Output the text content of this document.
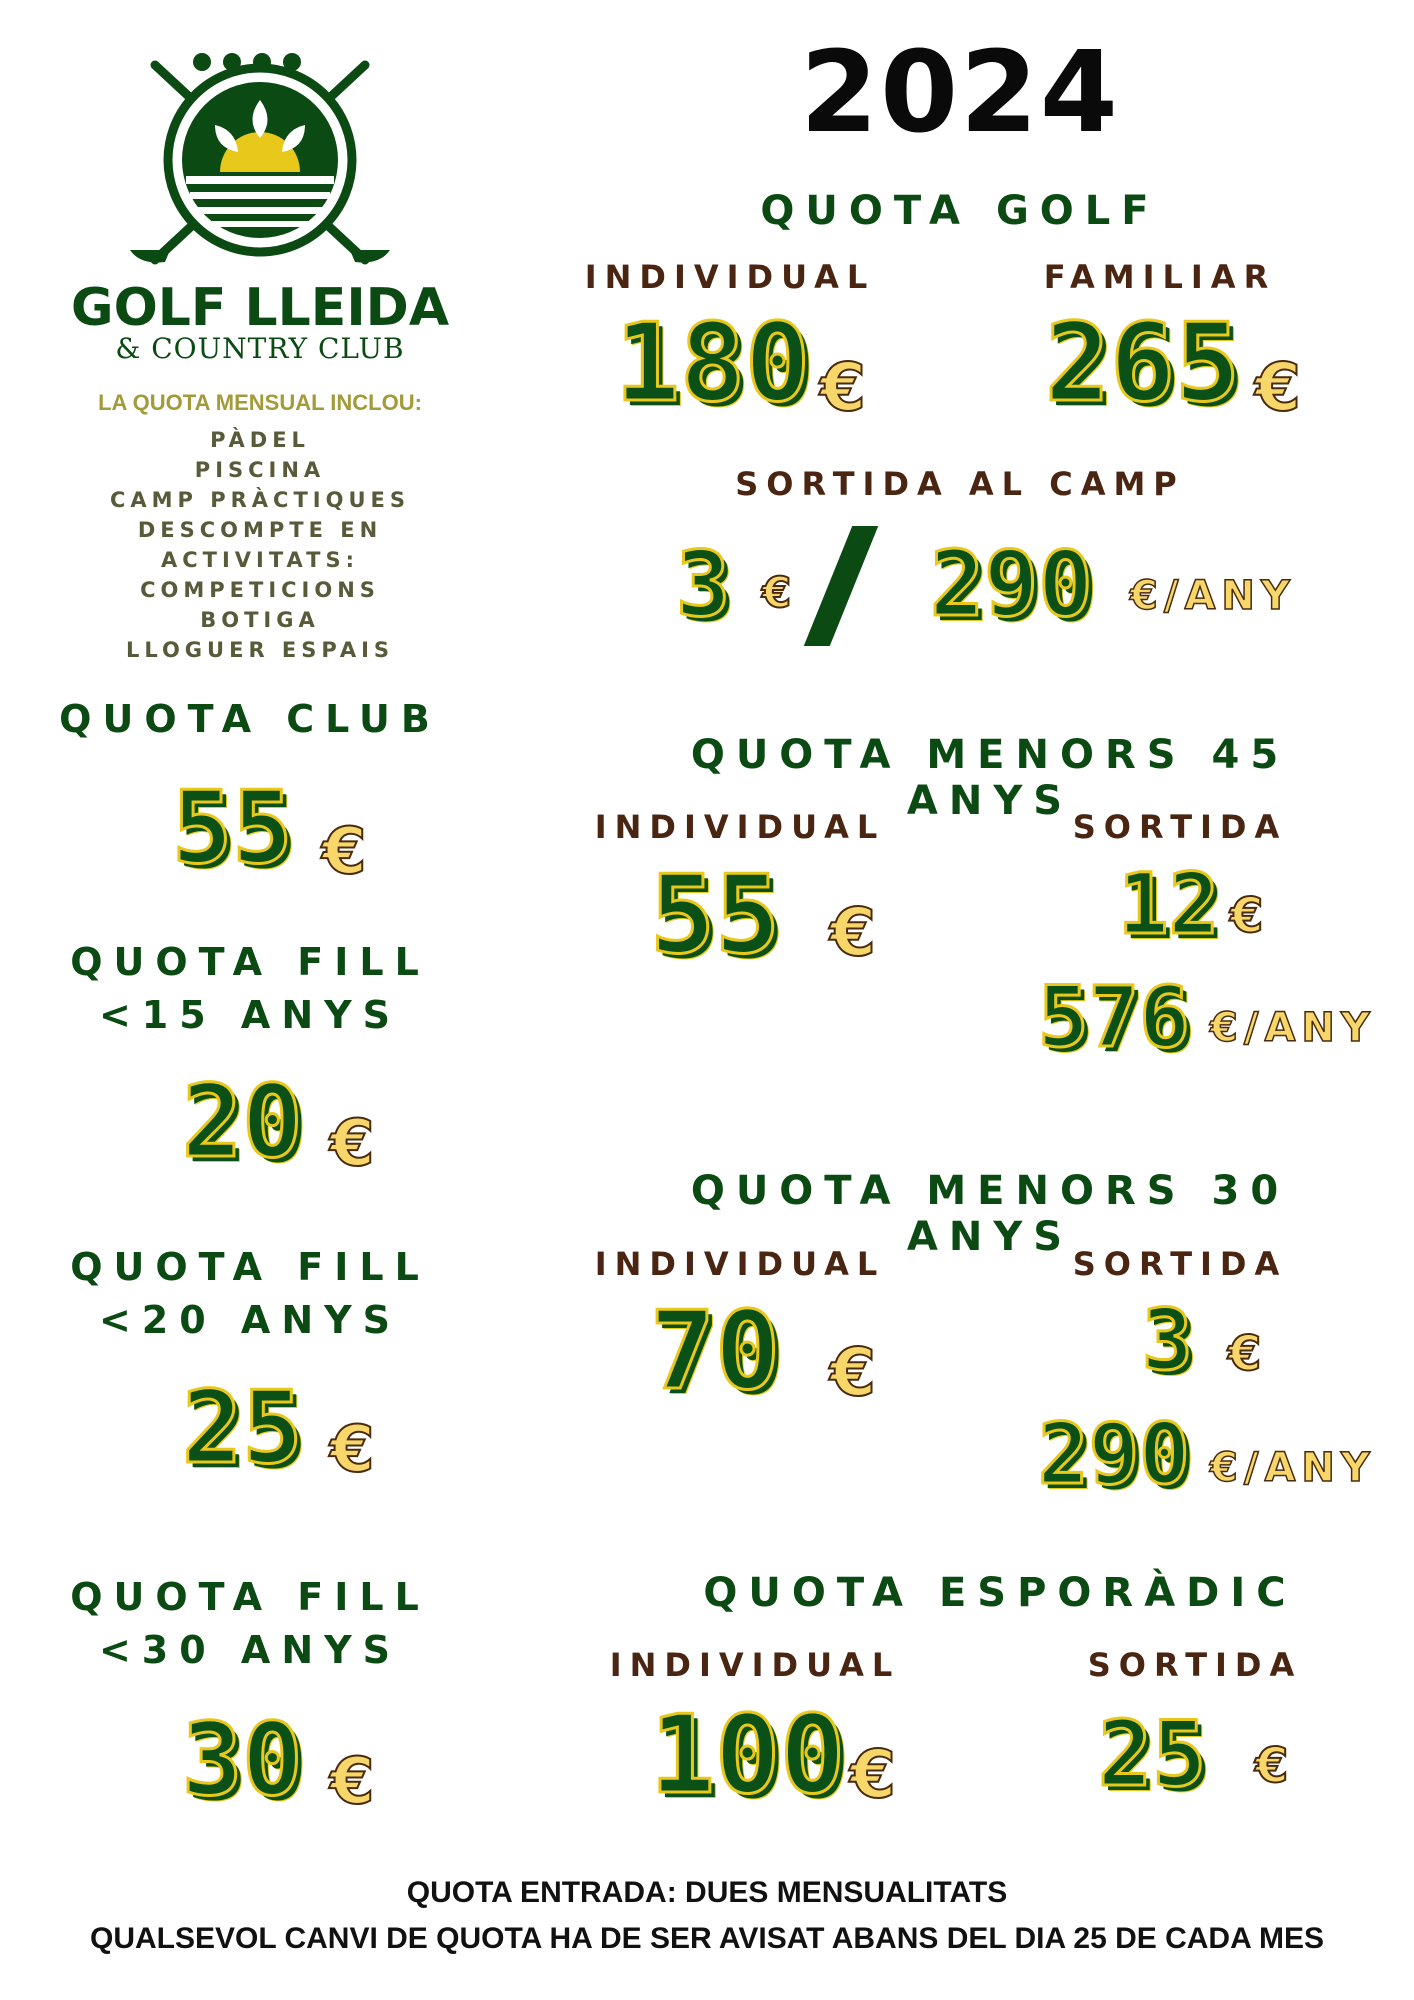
GOLF LLEIDA
& COUNTRY CLUB
LA QUOTA MENSUAL INCLOU:
PÀDEL
PISCINA
CAMP PRÀCTIQUES
DESCOMPTE EN
ACTIVITATS:
COMPETICIONS
BOTIGA
LLOGUER ESPAIS
QUOTA CLUB
55 €
QUOTA FILL
<15 ANYS
20 €
QUOTA FILL
<20 ANYS
25 €
QUOTA FILL
<30 ANYS
30 €
2024
QUOTA GOLF
INDIVIDUAL	FAMILIAR
180 € 265 €
SORTIDA AL CAMP
3 € 290 €/ANY
QUOTA MENORS 45 ANYS
INDIVIDUAL	SORTIDA
55 €	12 €
576 €/ANY
QUOTA MENORS 30 ANYS
INDIVIDUAL	SORTIDA
70 €	3 €
290 €/ANY
QUOTA ESPORÀDIC
INDIVIDUAL	SORTIDA
100 € 25 €
QUOTA ENTRADA: DUES MENSUALITATS
QUALSEVOL CANVI DE QUOTA HA DE SER AVISAT ABANS DEL DIA 25 DE CADA MES
